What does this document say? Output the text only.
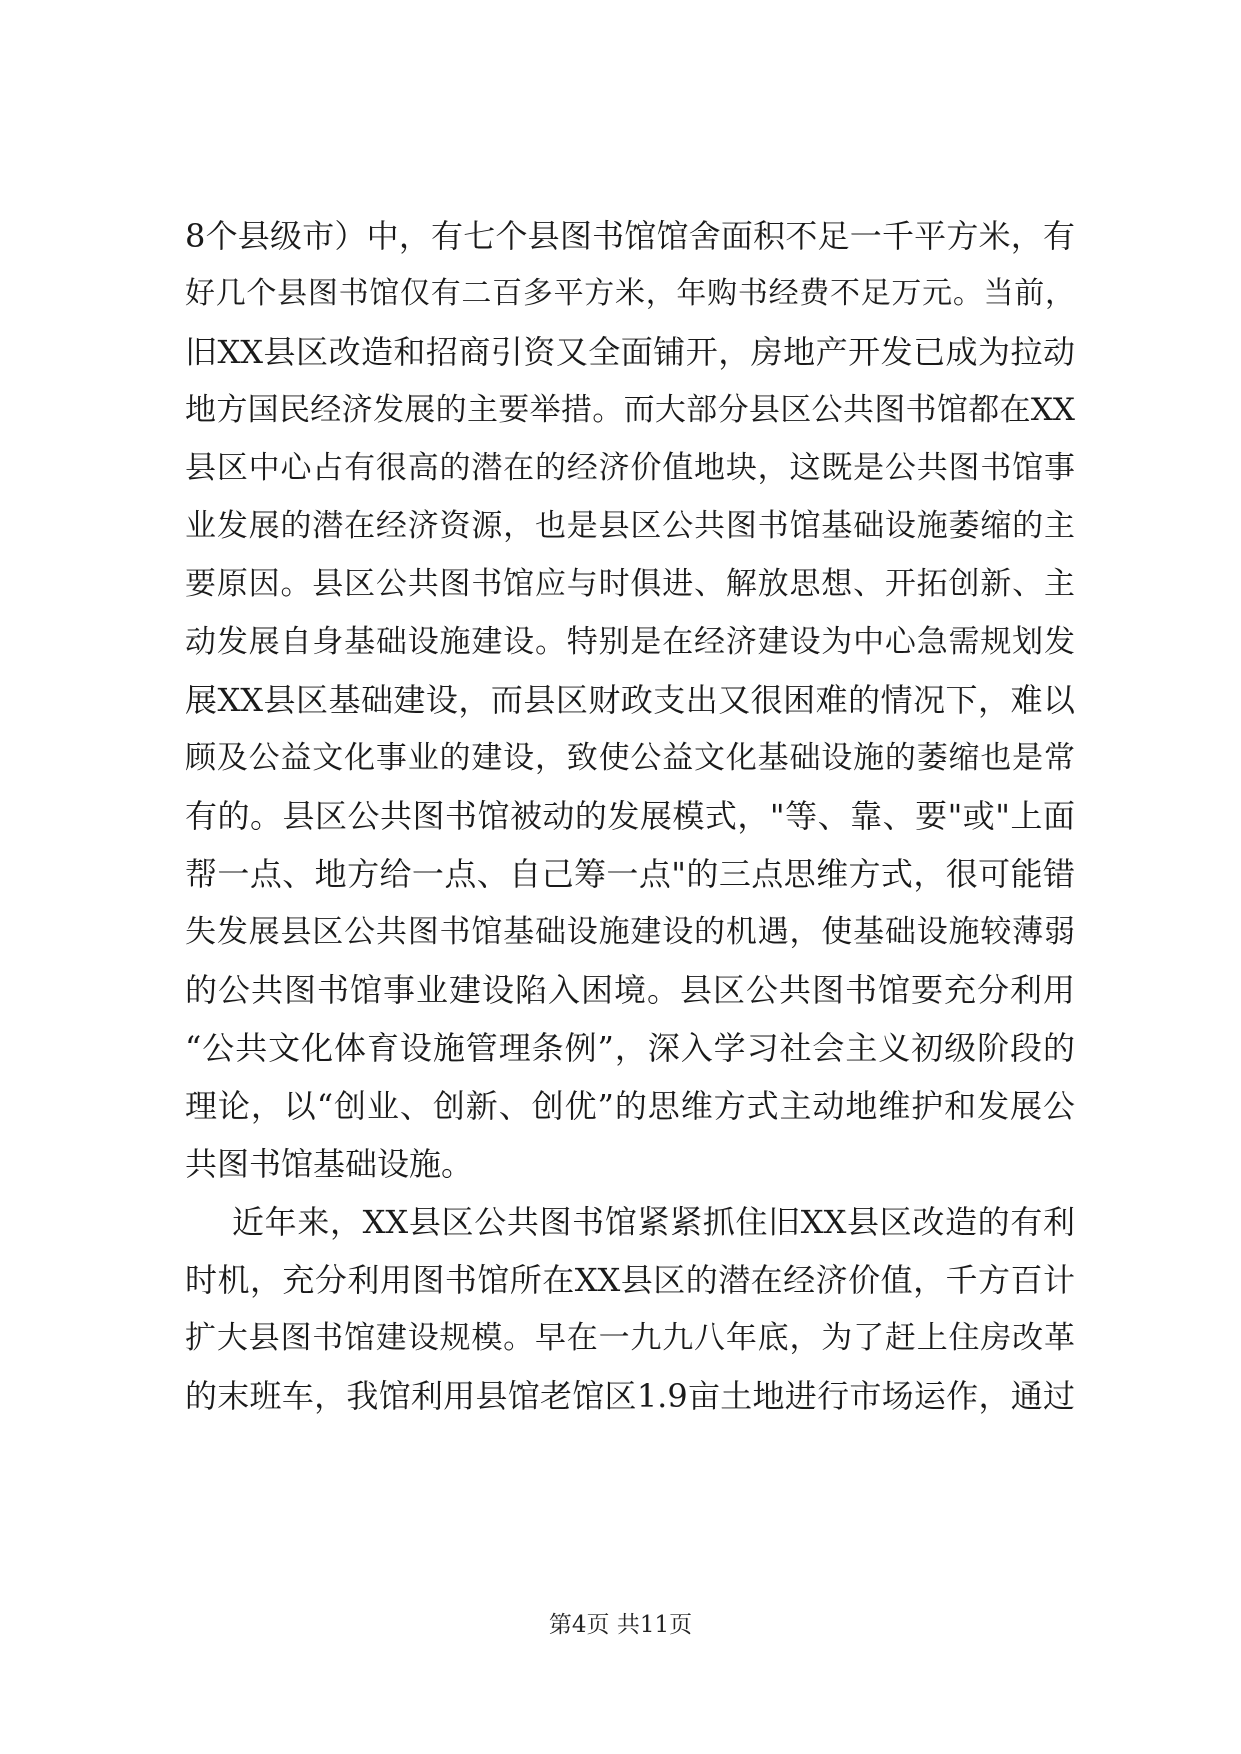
8个县级市）中，有七个县图书馆馆舍面积不足一千平方米，有
好几个县图书馆仅有二百多平方米，年购书经费不足万元。当前，
旧XX县区改造和招商引资又全面铺开，房地产开发已成为拉动
地方国民经济发展的主要举措。而大部分县区公共图书馆都在XX
县区中心占有很高的潜在的经济价值地块，这既是公共图书馆事
业发展的潜在经济资源，也是县区公共图书馆基础设施萎缩的主
要原因。县区公共图书馆应与时俱进、解放思想、开拓创新、主
动发展自身基础设施建设。特别是在经济建设为中心急需规划发
展XX县区基础建设，而县区财政支出又很困难的情况下，难以
顾及公益文化事业的建设，致使公益文化基础设施的萎缩也是常
有的。县区公共图书馆被动的发展模式，"等、靠、要"或"上面
帮一点、地方给一点、自己筹一点"的三点思维方式，很可能错
失发展县区公共图书馆基础设施建设的机遇，使基础设施较薄弱
的公共图书馆事业建设陷入困境。县区公共图书馆要充分利用
“公共文化体育设施管理条例”，深入学习社会主义初级阶段的
理论，以“创业、创新、创优”的思维方式主动地维护和发展公
共图书馆基础设施。
近年来，XX县区公共图书馆紧紧抓住旧XX县区改造的有利
时机，充分利用图书馆所在XX县区的潜在经济价值，千方百计
扩大县图书馆建设规模。早在一九九八年底，为了赶上住房改革
的末班车，我馆利用县馆老馆区1.9亩土地进行市场运作，通过
第4页 共11页
